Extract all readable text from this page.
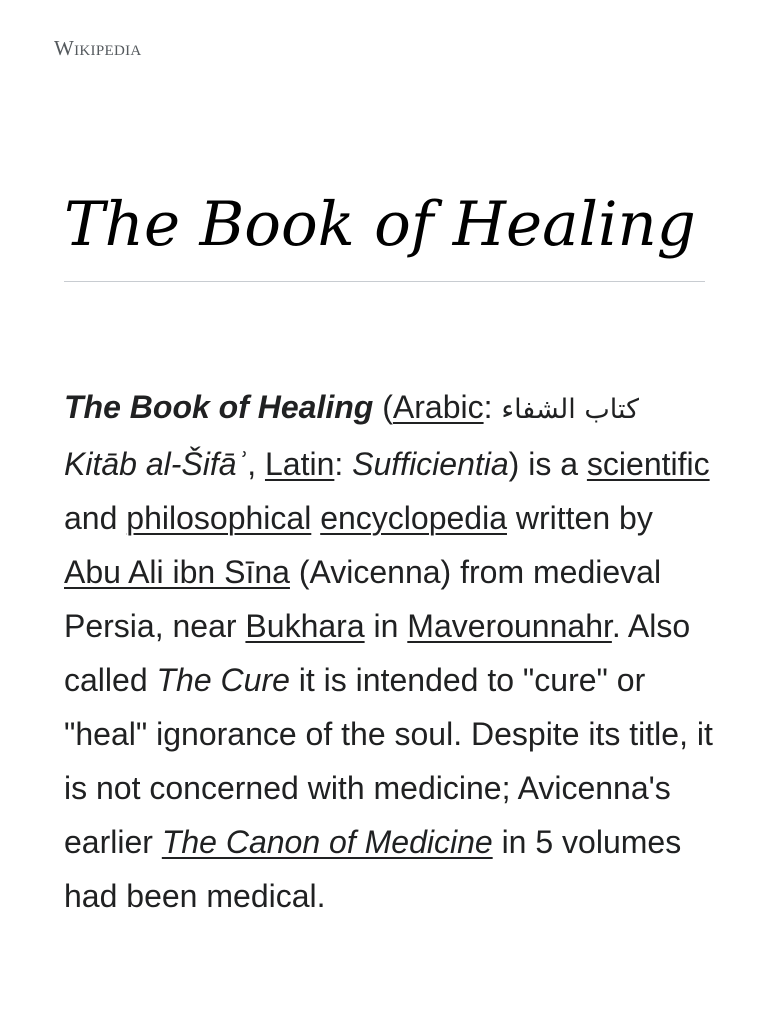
Wikipedia
The Book of Healing

The Book of Healing (Arabic: كتاب الشفاء Kitāb al-Šifāʾ, Latin: Sufficientia) is a scientific and philosophical encyclopedia written by Abu Ali ibn Sīna (Avicenna) from medieval Persia, near Bukhara in Maverounnahr. Also called The Cure it is intended to "cure" or "heal" ignorance of the soul. Despite its title, it is not concerned with medicine; Avicenna's earlier The Canon of Medicine in 5 volumes had been medical.
